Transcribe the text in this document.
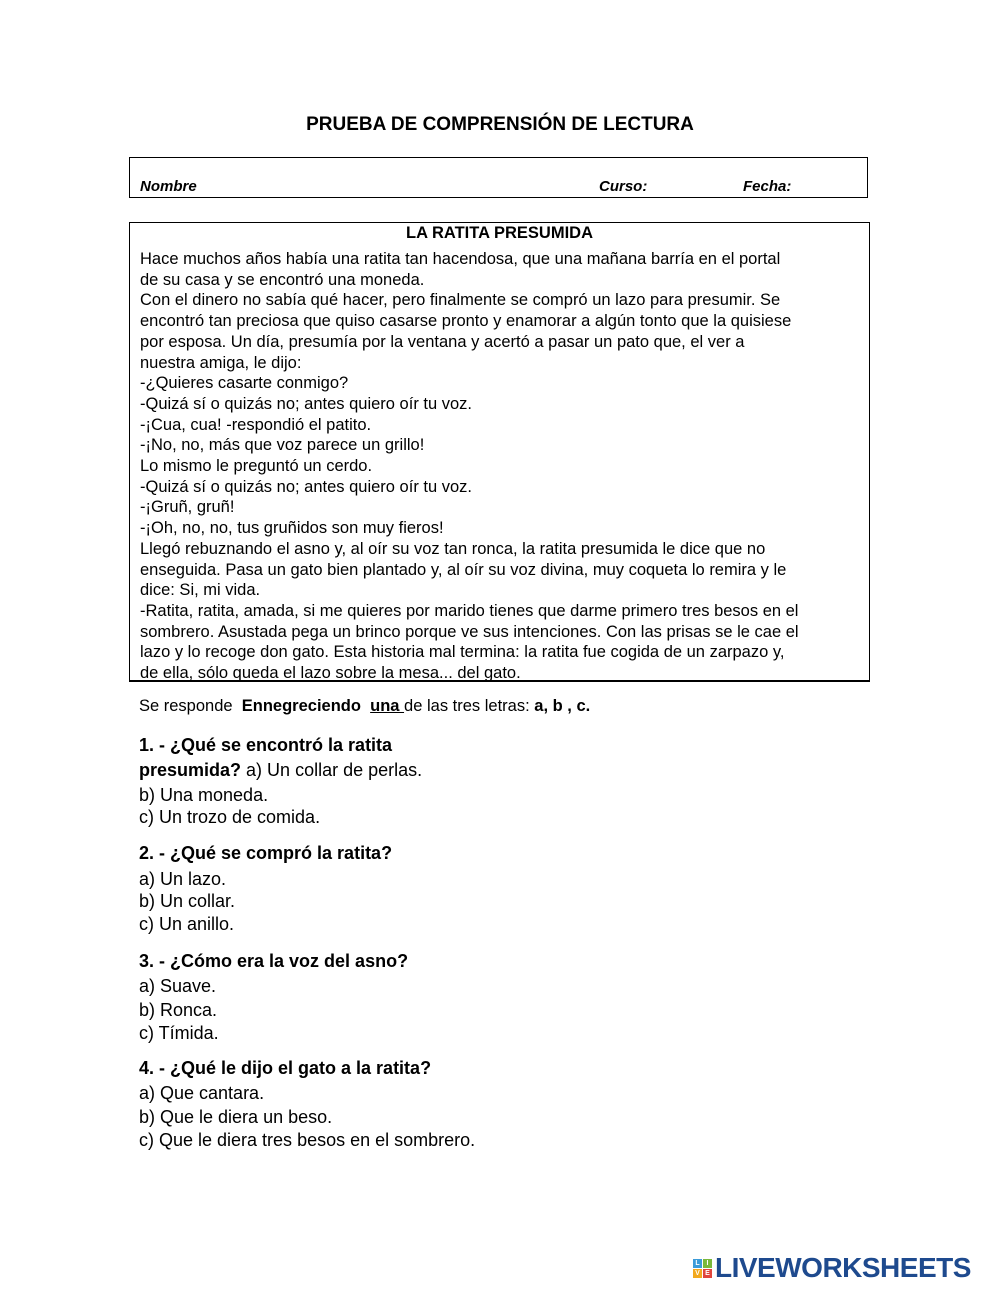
PRUEBA DE COMPRENSIÓN DE LECTURA
Nombre	Curso:	Fecha:
LA RATITA PRESUMIDA
Hace muchos años había una ratita tan hacendosa, que una mañana barría en el portal
de su casa y se encontró una moneda.
Con el dinero no sabía qué hacer, pero finalmente se compró un lazo para presumir. Se
encontró tan preciosa que quiso casarse pronto y enamorar a algún tonto que la quisiese
por esposa. Un día, presumía por la ventana y acertó a pasar un pato que, el ver a
nuestra amiga, le dijo:
-¿Quieres casarte conmigo?
-Quizá sí o quizás no; antes quiero oír tu voz.
-¡Cua, cua! -respondió el patito.
-¡No, no, más que voz parece un grillo!
Lo mismo le preguntó un cerdo.
-Quizá sí o quizás no; antes quiero oír tu voz.
-¡Gruñ, gruñ!
-¡Oh, no, no, tus gruñidos son muy fieros!
Llegó rebuznando el asno y, al oír su voz tan ronca, la ratita presumida le dice que no
enseguida. Pasa un gato bien plantado y, al oír su voz divina, muy coqueta lo remira y le
dice: Si, mi vida.
-Ratita, ratita, amada, si me quieres por marido tienes que darme primero tres besos en el
sombrero. Asustada pega un brinco porque ve sus intenciones. Con las prisas se le cae el
lazo y lo recoge don gato. Esta historia mal termina: la ratita fue cogida de un zarpazo y,
de ella, sólo queda el lazo sobre la mesa... del gato.
Se responde  Ennegreciendo una de las tres letras: a, b , c.
1. - ¿Qué se encontró la ratita
presumida? a) Un collar de perlas.
b) Una moneda.
c) Un trozo de comida.
2. - ¿Qué se compró la ratita?
a) Un lazo.
b) Un collar.
c) Un anillo.
3. - ¿Cómo era la voz del asno?
a) Suave.
b) Ronca.
c) Tímida.
4. - ¿Qué le dijo el gato a la ratita?
a) Que cantara.
b) Que le diera un beso.
c) Que le diera tres besos en el sombrero.
L I
V E LIVEWORKSHEETS
